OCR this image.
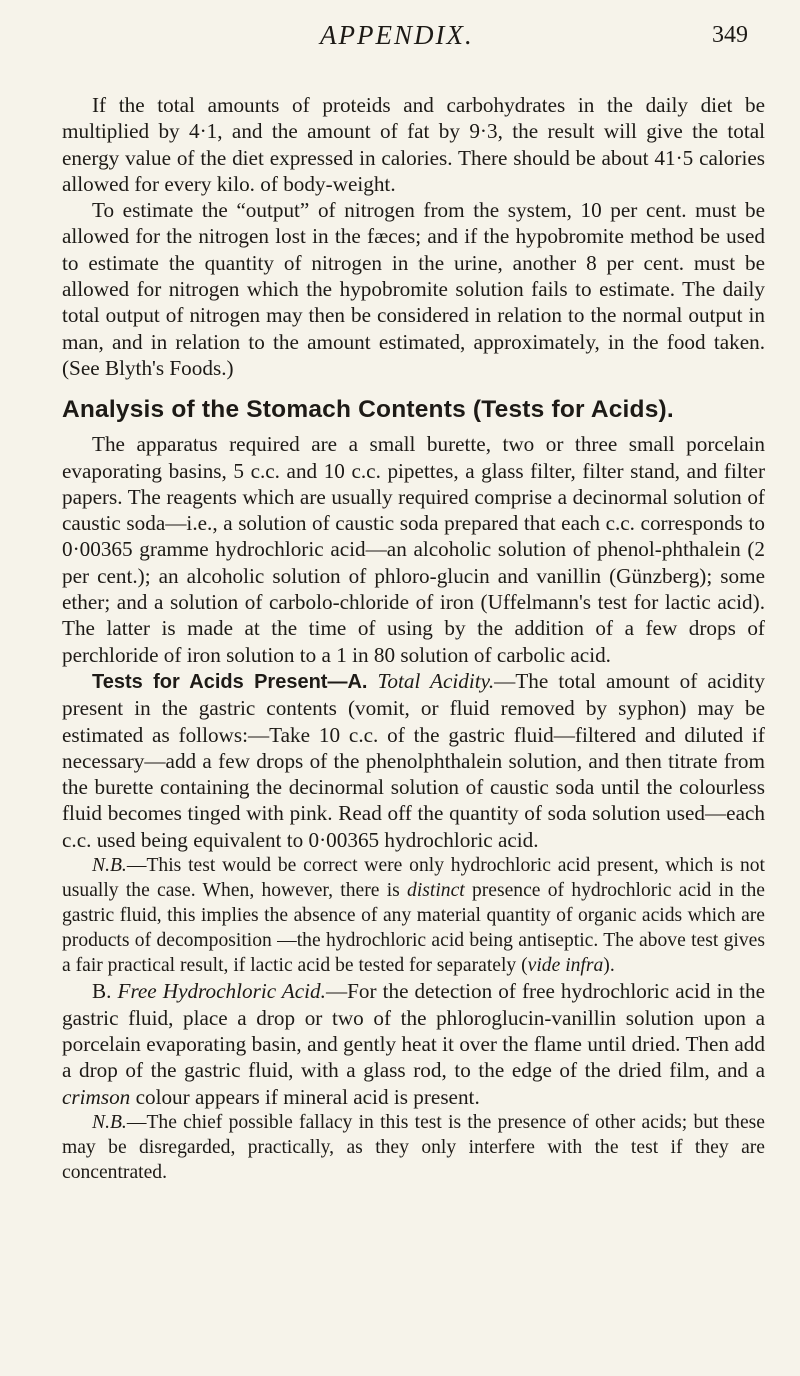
APPENDIX.	349

If the total amounts of proteids and carbohydrates in the daily diet be multiplied by 4·1, and the amount of fat by 9·3, the result will give the total energy value of the diet expressed in calories. There should be about 41·5 calories allowed for every kilo. of body-weight.

To estimate the “output” of nitrogen from the system, 10 per cent. must be allowed for the nitrogen lost in the fæces; and if the hypobromite method be used to estimate the quantity of nitrogen in the urine, another 8 per cent. must be allowed for nitrogen which the hypobromite solution fails to estimate. The daily total output of nitrogen may then be considered in relation to the normal output in man, and in relation to the amount estimated, approximately, in the food taken. (See Blyth's Foods.)

Analysis of the Stomach Contents (Tests for Acids).

The apparatus required are a small burette, two or three small porcelain evaporating basins, 5 c.c. and 10 c.c. pipettes, a glass filter, filter stand, and filter papers. The reagents which are usually required comprise a decinormal solution of caustic soda—i.e., a solution of caustic soda prepared that each c.c. corresponds to 0·00365 gramme hydrochloric acid—an alcoholic solution of phenol-phthalein (2 per cent.); an alcoholic solution of phloro-glucin and vanillin (Günzberg); some ether; and a solution of carbolo-chloride of iron (Uffelmann's test for lactic acid). The latter is made at the time of using by the addition of a few drops of perchloride of iron solution to a 1 in 80 solution of carbolic acid.

Tests for Acids Present—A. Total Acidity.—The total amount of acidity present in the gastric contents (vomit, or fluid removed by syphon) may be estimated as follows:—Take 10 c.c. of the gastric fluid—filtered and diluted if necessary—add a few drops of the phenolphthalein solution, and then titrate from the burette containing the decinormal solution of caustic soda until the colourless fluid becomes tinged with pink. Read off the quantity of soda solution used—each c.c. used being equivalent to 0·00365 hydrochloric acid.

N.B.—This test would be correct were only hydrochloric acid present, which is not usually the case. When, however, there is distinct presence of hydrochloric acid in the gastric fluid, this implies the absence of any material quantity of organic acids which are products of decomposition —the hydrochloric acid being antiseptic. The above test gives a fair practical result, if lactic acid be tested for separately (vide infra).

B. Free Hydrochloric Acid.—For the detection of free hydrochloric acid in the gastric fluid, place a drop or two of the phloroglucin-vanillin solution upon a porcelain evaporating basin, and gently heat it over the flame until dried. Then add a drop of the gastric fluid, with a glass rod, to the edge of the dried film, and a crimson colour appears if mineral acid is present.

N.B.—The chief possible fallacy in this test is the presence of other acids; but these may be disregarded, practically, as they only interfere with the test if they are concentrated.
